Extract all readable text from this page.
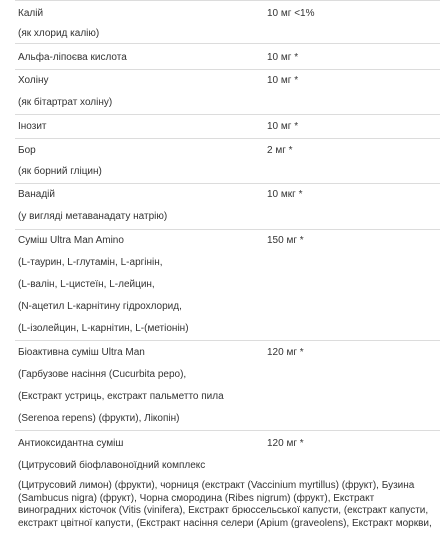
Калій	10 мг <1%
(як хлорид калію)
Альфа-ліпоєва кислота	10 мг *
Холіну	10 мг *
(як бітартрат холіну)
Інозит	10 мг *
Бор	2 мг *
(як борний гліцин)
Ванадій	10 мкг *
(у вигляді метаванадату натрію)
Суміш Ultra Man Amino	150 мг *
(L-таурин, L-глутамін, L-аргінін,
(L-валін, L-цистеїн, L-лейцин,
(N-ацетил L-карнітину гідрохлорид,
(L-ізолейцин, L-карнітин, L-(метіонін)
Біоактивна суміш Ultra Man	120 мг *
(Гарбузове насіння (Cucurbita pepo),
(Екстракт устриць, екстракт пальметто пила
(Serenoa repens) (фрукти), Лікопін)
Антиоксидантна суміш	120 мг *
(Цитрусовий біофлавоноїдний комплекс
(Цитрусовий лимон) (фрукти), чорниця (екстракт (Vaccinium myrtillus) (фрукт), Бузина (Sambucus nigra) (фрукт), Чорна смородина (Ribes nigrum) (фрукт), Екстракт виноградних кісточок (Vitis (vinifera), Екстракт брюссельської капусти, (екстракт капусти, екстракт цвітної капусти, (Екстракт насіння селери (Apium (graveolens), Екстракт моркви,
